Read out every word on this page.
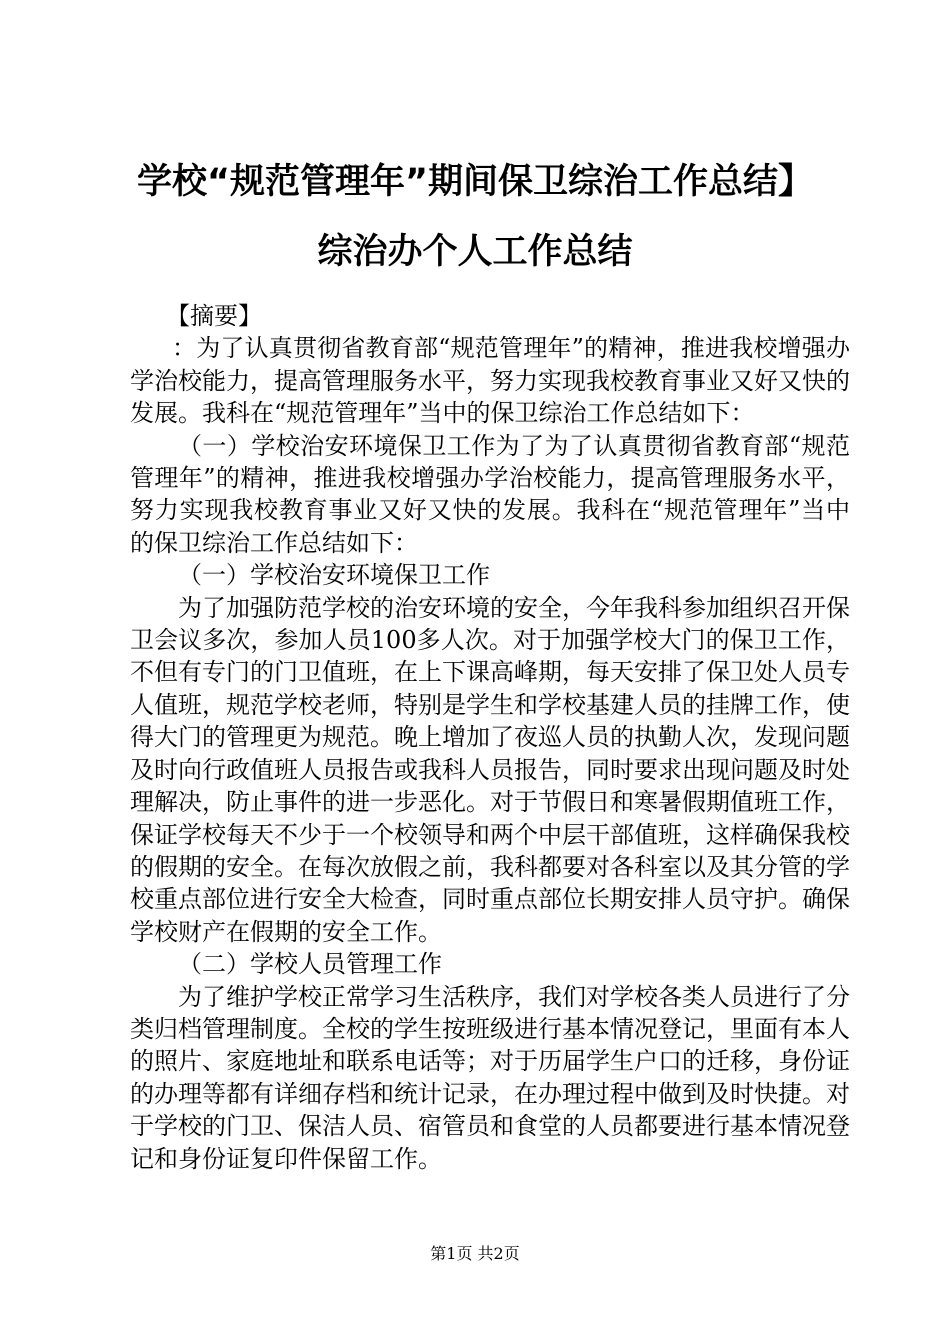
学校“规范管理年”期间保卫综治工作总结】
综治办个人工作总结

【摘要】

：为了认真贯彻省教育部“规范管理年”的精神，推进我校增强办学治校能力，提高管理服务水平，努力实现我校教育事业又好又快的发展。我科在“规范管理年”当中的保卫综治工作总结如下：

（一）学校治安环境保卫工作为了为了认真贯彻省教育部“规范管理年”的精神，推进我校增强办学治校能力，提高管理服务水平，努力实现我校教育事业又好又快的发展。我科在“规范管理年”当中的保卫综治工作总结如下：

（一）学校治安环境保卫工作

为了加强防范学校的治安环境的安全，今年我科参加组织召开保卫会议多次，参加人员100多人次。对于加强学校大门的保卫工作，不但有专门的门卫值班，在上下课高峰期，每天安排了保卫处人员专人值班，规范学校老师，特别是学生和学校基建人员的挂牌工作，使得大门的管理更为规范。晚上增加了夜巡人员的执勤人次，发现问题及时向行政值班人员报告或我科人员报告，同时要求出现问题及时处理解决，防止事件的进一步恶化。对于节假日和寒暑假期值班工作，保证学校每天不少于一个校领导和两个中层干部值班，这样确保我校的假期的安全。在每次放假之前，我科都要对各科室以及其分管的学校重点部位进行安全大检查，同时重点部位长期安排人员守护。确保学校财产在假期的安全工作。

（二）学校人员管理工作

为了维护学校正常学习生活秩序，我们对学校各类人员进行了分类归档管理制度。全校的学生按班级进行基本情况登记，里面有本人的照片、家庭地址和联系电话等；对于历届学生户口的迁移，身份证的办理等都有详细存档和统计记录，在办理过程中做到及时快捷。对于学校的门卫、保洁人员、宿管员和食堂的人员都要进行基本情况登记和身份证复印件保留工作。

第1页 共2页
